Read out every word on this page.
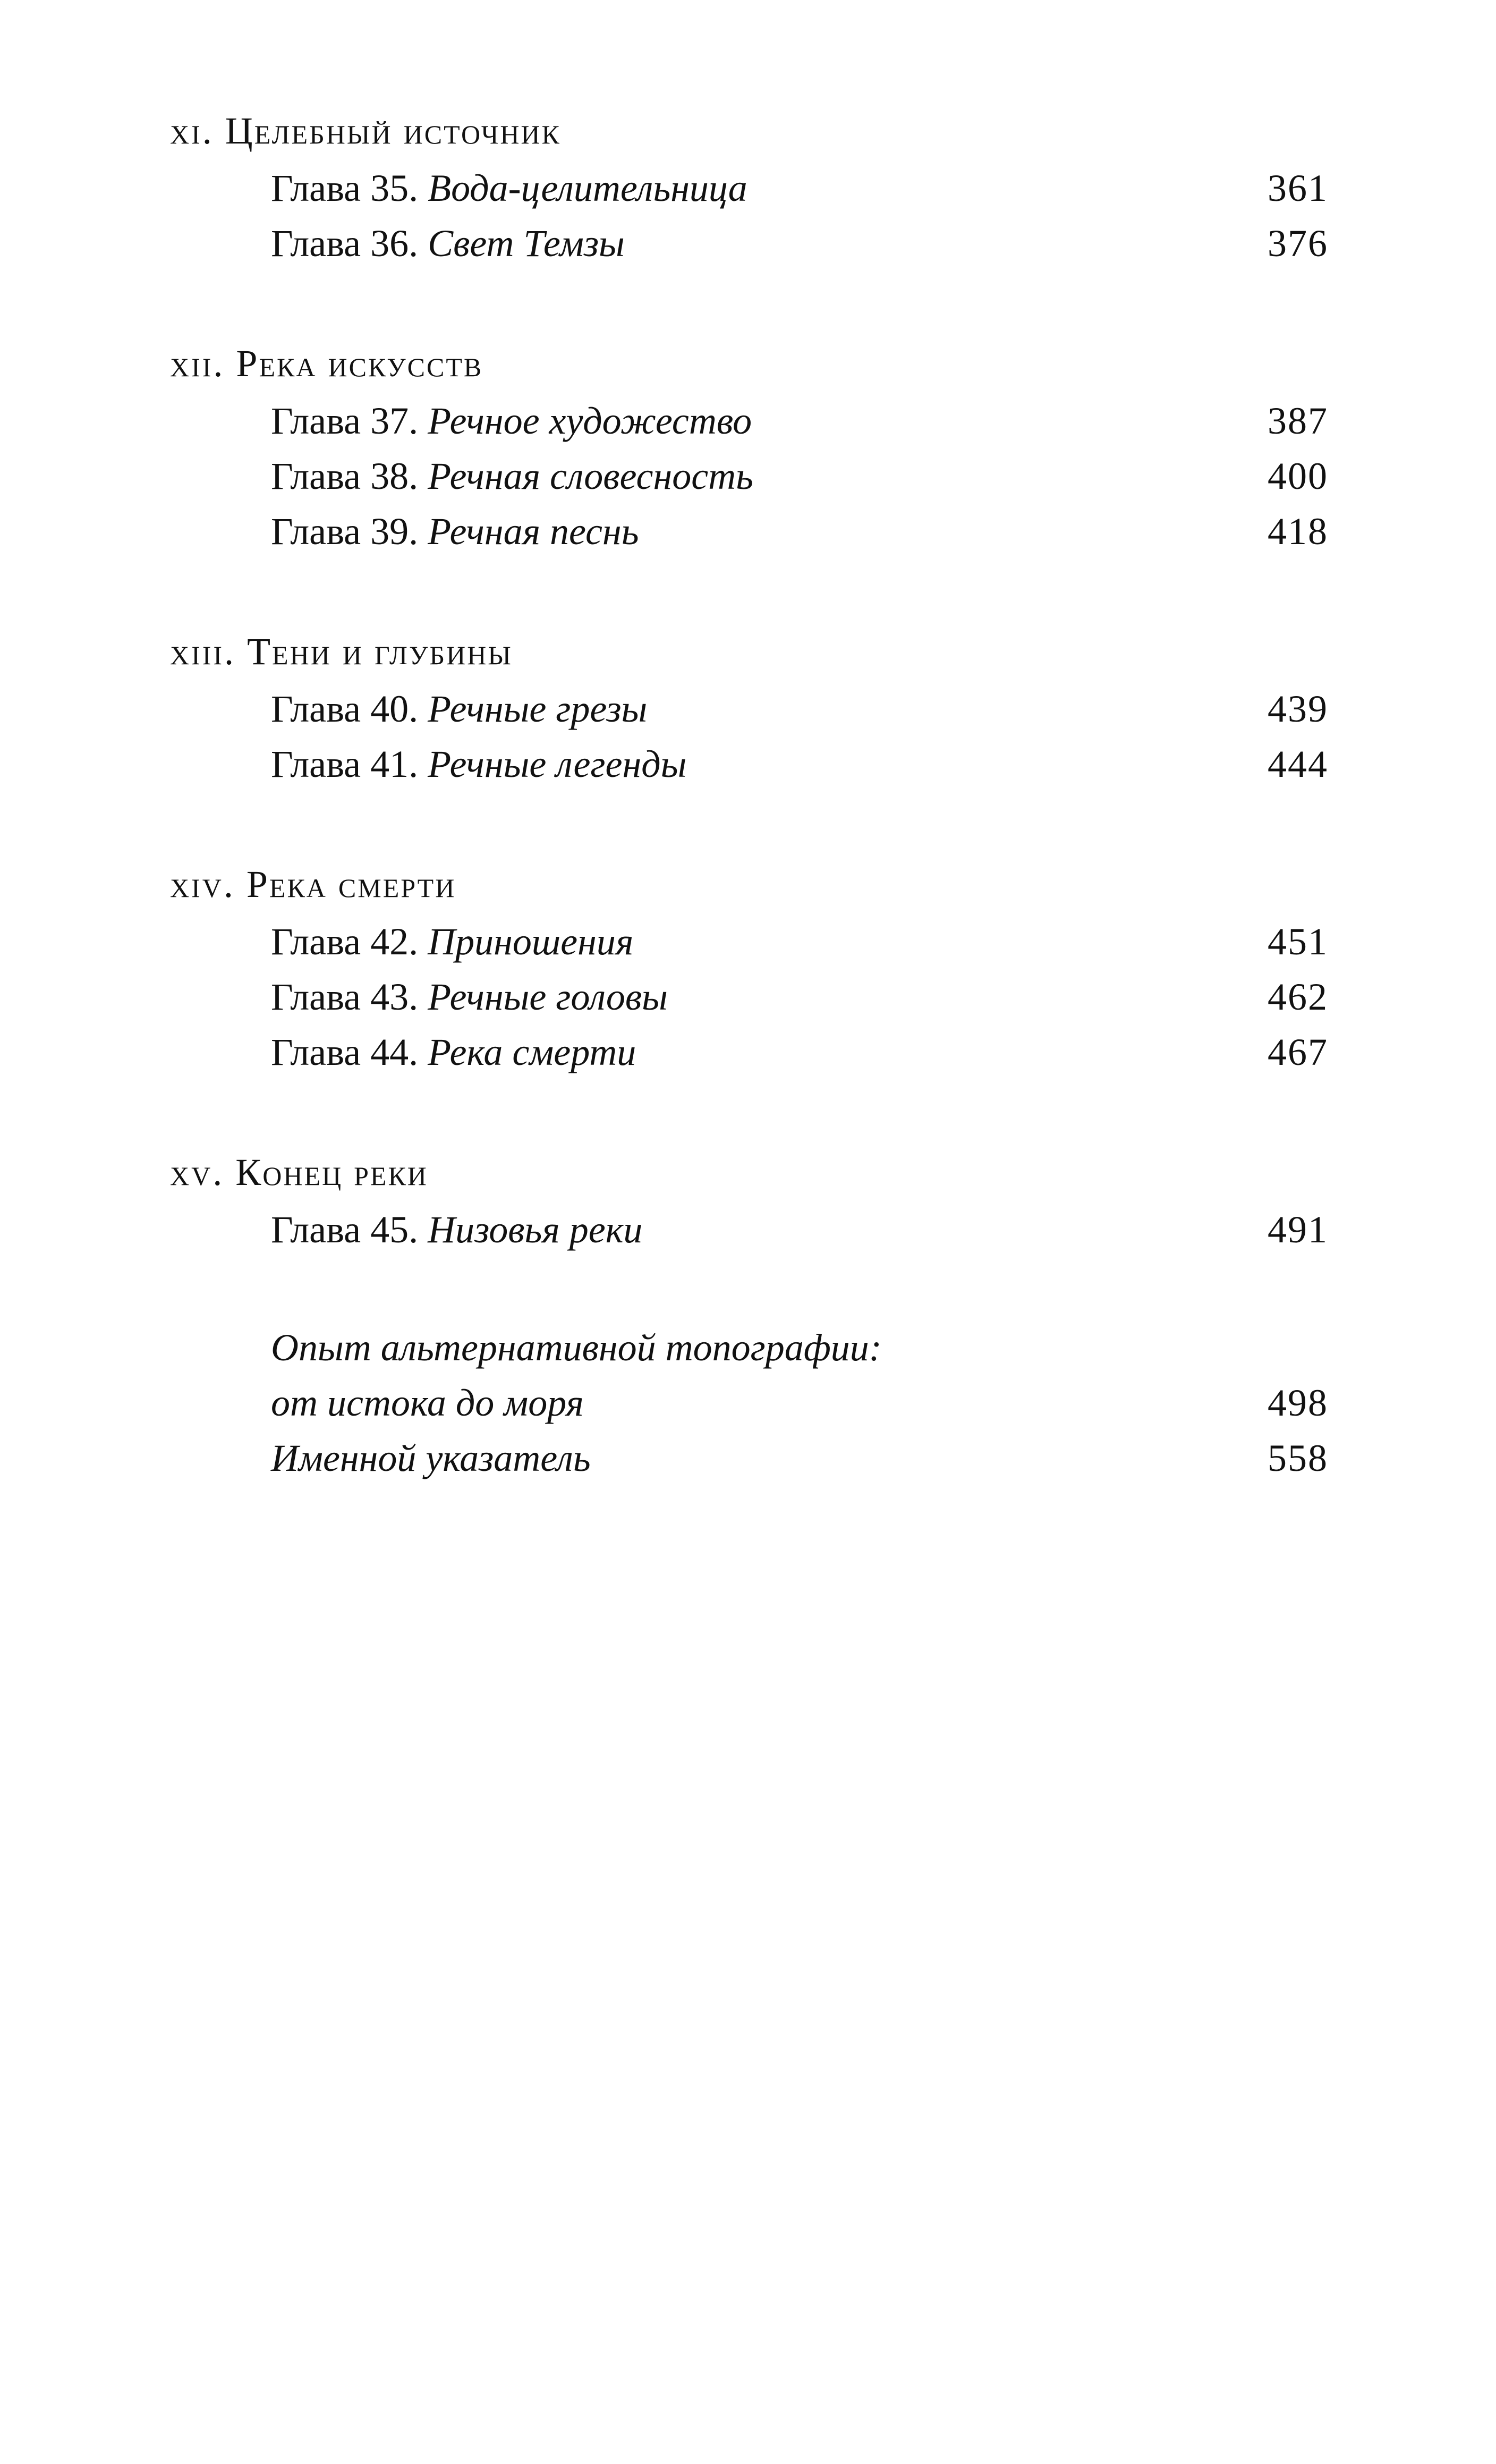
xi. Целебный источник
Глава 35. Вода-целительница	361
Глава 36. Свет Темзы	376
xii. Река искусств
Глава 37. Речное художество	387
Глава 38. Речная словесность	400
Глава 39. Речная песнь	418
xiii. Тени и глубины
Глава 40. Речные грезы	439
Глава 41. Речные легенды	444
xiv. Река смерти
Глава 42. Приношения	451
Глава 43. Речные головы	462
Глава 44. Река смерти	467
xv. Конец реки
Глава 45. Низовья реки	491
Опыт альтернативной топографии:
от истока до моря	498
Именной указатель	558
